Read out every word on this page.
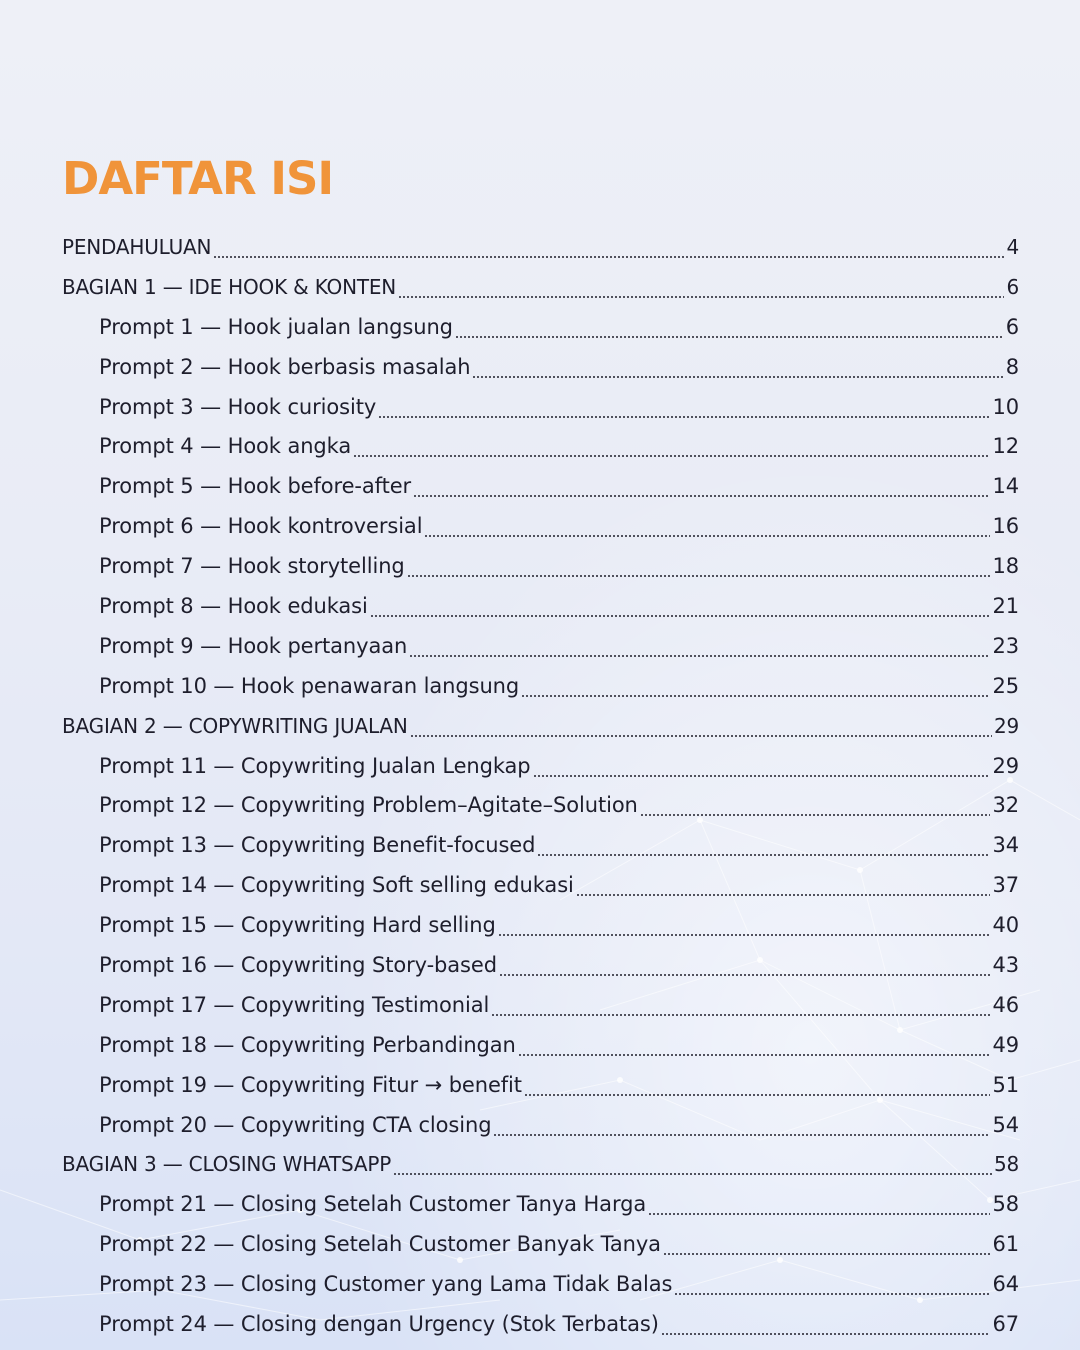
DAFTAR ISI
PENDAHULUAN	4
BAGIAN 1 — IDE HOOK & KONTEN	6
Prompt 1 — Hook jualan langsung	6
Prompt 2 — Hook berbasis masalah	8
Prompt 3 — Hook curiosity	10
Prompt 4 — Hook angka	12
Prompt 5 — Hook before-after	14
Prompt 6 — Hook kontroversial	16
Prompt 7 — Hook storytelling	18
Prompt 8 — Hook edukasi	21
Prompt 9 — Hook pertanyaan	23
Prompt 10 — Hook penawaran langsung	25
BAGIAN 2 — COPYWRITING JUALAN	29
Prompt 11 — Copywriting Jualan Lengkap	29
Prompt 12 — Copywriting Problem–Agitate–Solution	32
Prompt 13 — Copywriting Benefit-focused	34
Prompt 14 — Copywriting Soft selling edukasi	37
Prompt 15 — Copywriting Hard selling	40
Prompt 16 — Copywriting Story-based	43
Prompt 17 — Copywriting Testimonial	46
Prompt 18 — Copywriting Perbandingan	49
Prompt 19 — Copywriting Fitur → benefit	51
Prompt 20 — Copywriting CTA closing	54
BAGIAN 3 — CLOSING WHATSAPP	58
Prompt 21 — Closing Setelah Customer Tanya Harga	58
Prompt 22 — Closing Setelah Customer Banyak Tanya	61
Prompt 23 — Closing Customer yang Lama Tidak Balas	64
Prompt 24 — Closing dengan Urgency (Stok Terbatas)	67
